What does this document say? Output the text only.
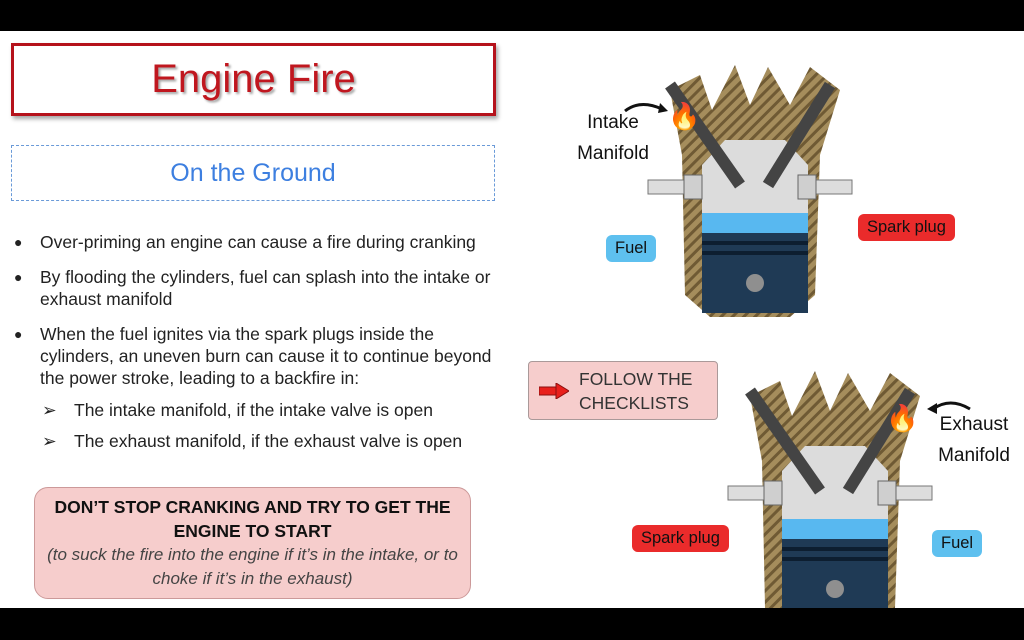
Engine Fire
On the Ground
●	Over-priming an engine can cause a fire during cranking
●	By flooding the cylinders, fuel can splash into the intake or exhaust manifold
●	When the fuel ignites via the spark plugs inside the cylinders, an uneven burn can cause it to continue beyond the power stroke, leading to a backfire in:
➢ The intake manifold, if the intake valve is open
➢ The exhaust manifold, if the exhaust valve is open
DON’T STOP CRANKING AND TRY TO GET THE ENGINE TO START
(to suck the fire into the engine if it’s in the intake, or to choke if it’s in the exhaust)
FOLLOW THE
CHECKLISTS
Intake
Manifold
🔥
Fuel
Spark plug
🔥	Exhaust
Manifold
Spark plug	Fuel
